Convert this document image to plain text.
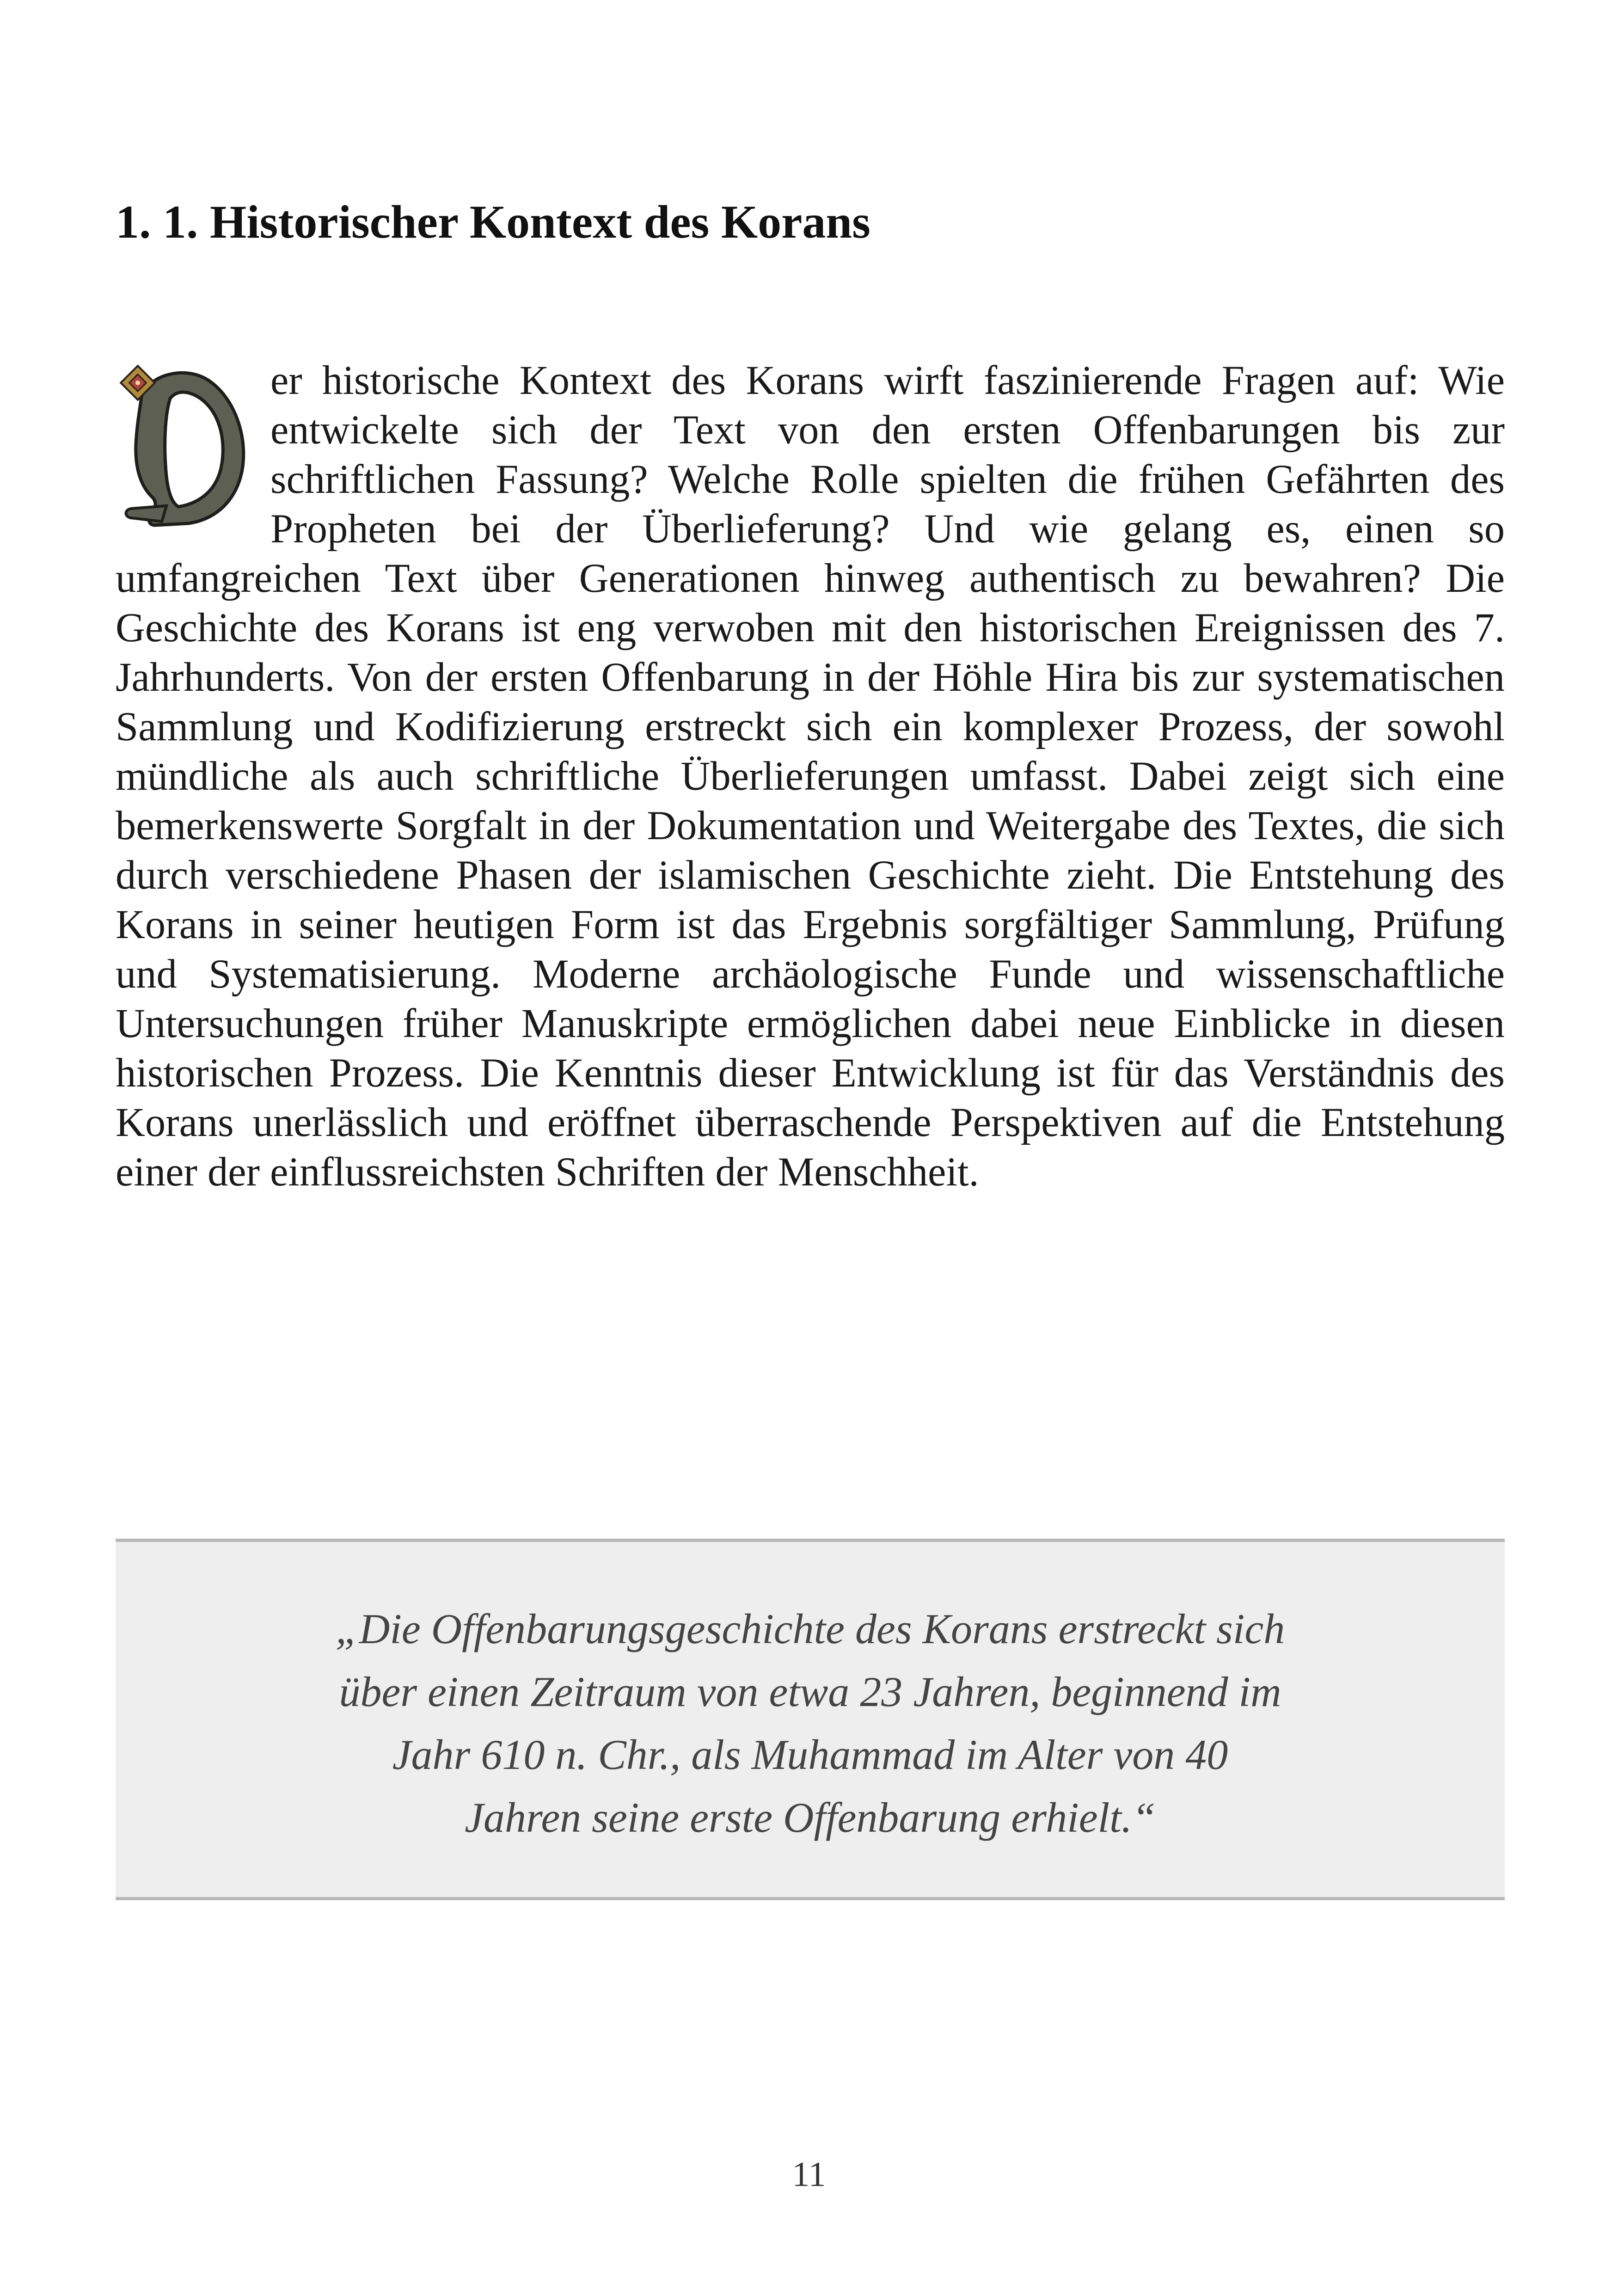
1. 1. Historischer Kontext des Korans

er historische Kontext des Korans wirft faszinierende Fragen auf: Wie entwickelte sich der Text von den ersten Offenbarungen bis zur schriftlichen Fassung? Welche Rolle spielten die frühen Gefährten des Propheten bei der Überlieferung? Und wie gelang es, einen so umfangreichen Text über Generationen hinweg authentisch zu bewahren? Die Geschichte des Korans ist eng verwoben mit den historischen Ereignissen des 7. Jahrhunderts. Von der ersten Offenbarung in der Höhle Hira bis zur systematischen Sammlung und Kodifizierung erstreckt sich ein komplexer Prozess, der sowohl mündliche als auch schriftliche Überlieferungen umfasst. Dabei zeigt sich eine bemerkenswerte Sorgfalt in der Dokumentation und Weitergabe des Textes, die sich durch verschiedene Phasen der islamischen Geschichte zieht. Die Entstehung des Korans in seiner heutigen Form ist das Ergebnis sorgfältiger Sammlung, Prüfung und Systematisierung. Moderne archäologische Funde und wissenschaftliche Untersuchungen früher Manuskripte ermöglichen dabei neue Einblicke in diesen historischen Prozess. Die Kenntnis dieser Entwicklung ist für das Verständnis des Korans unerlässlich und eröffnet überraschende Perspektiven auf die Entstehung einer der einflussreichsten Schriften der Menschheit.

„Die Offenbarungsgeschichte des Korans erstreckt sich
über einen Zeitraum von etwa 23 Jahren, beginnend im
Jahr 610 n. Chr., als Muhammad im Alter von 40
Jahren seine erste Offenbarung erhielt.“

11
